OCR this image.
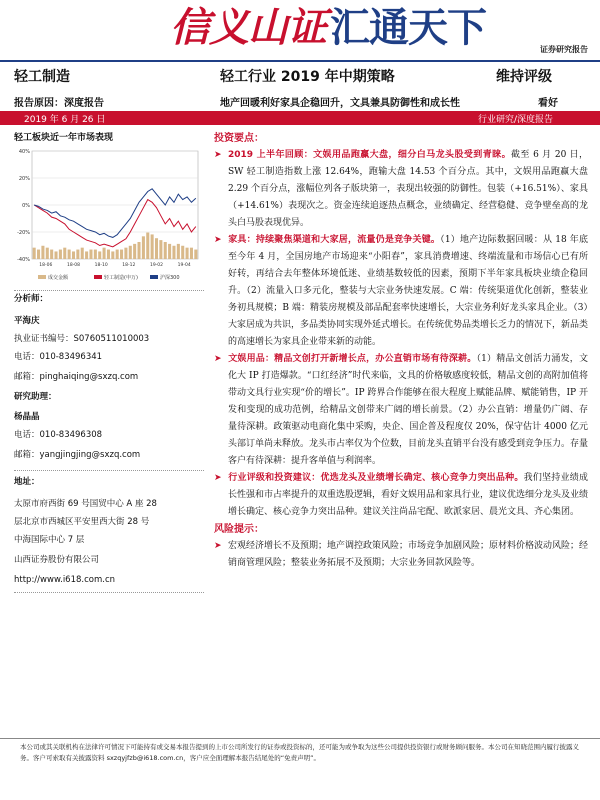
信义山证 汇通天下	证券研究报告
轻工制造	轻工行业 2019 年中期策略	维持评级
报告原因：深度报告	地产回暖利好家具企稳回升，文具兼具防御性和成长性	看好
2019 年 6 月 26 日	行业研究/深度报告
轻工板块近一年市场表现
-40%
-20%
0%
20%
40%
18-06	18-08	18-10	18-12	19-02	19-04
成交金额	轻工制造(申万)	沪深300
分析师：
平海庆
执业证书编号：S0760511010003
电话：010-83496341
邮箱：pinghaiqing@sxzq.com
研究助理：
杨晶晶
电话：010-83496308
邮箱：yangjingjing@sxzq.com
地址：
太原市府西街 69 号国贸中心 A 座 28
层北京市西城区平安里西大街 28 号
中海国际中心 7 层
山西证券股份有限公司
http://www.i618.com.cn
投资要点：

➤ 2019 上半年回顾：文娱用品跑赢大盘，细分白马龙头股受到青睐。截至 6 月 20 日，SW 轻工制造指数上涨 12.64%，跑输大盘 14.53 个百分点。其中，文娱用品跑赢大盘 2.29 个百分点，涨幅位列各子版块第一，表现出较强的防御性。包装（+16.51%）、家具（+14.61%）表现次之。资金连续追逐热点概念，业绩确定、经营稳健、竞争壁垒高的龙头白马股表现优异。

➤ 家具：持续聚焦渠道和大家居，流量仍是竞争关键。（1）地产边际数据回暖：从 18 年底至今年 4 月，全国房地产市场迎来“小阳春”，家具消费增速、终端流量和市场信心已有所好转，再结合去年整体环境低迷、业绩基数较低的因素，预期下半年家具板块业绩企稳回升。（2）流量入口多元化，整装与大宗业务快速发展。C 端：传统渠道优化创新，整装业务初具规模；B 端：精装房规模及部品配套率快速增长，大宗业务利好龙头家具企业。（3）大家居成为共识，多品类协同实现外延式增长。在传统优势品类增长乏力的情况下，新品类的高速增长为家具企业带来新的动能。

➤ 文娱用品：精品文创打开新增长点，办公直销市场有待深耕。（1）精品文创活力涌发，文化大 IP 打造爆款。“口红经济”时代来临，文具的价格敏感度较低，精品文创的高附加值将带动文具行业实现“价的增长”。IP 跨界合作能够在很大程度上赋能品牌、赋能销售，IP 开发和变现的成功范例，给精品文创带来广阔的增长前景。（2）办公直销：增量仍广阔、存量待深耕。政策驱动电商化集中采购，央企、国企普及程度仅 20%，保守估计 4000 亿元头部订单尚未释放。龙头市占率仅为个位数，目前龙头直销平台没有感受到竞争压力。存量客户有待深耕：提升客单值与利润率。

➤ 行业评级和投资建议：优选龙头及业绩增长确定、核心竞争力突出品种。我们坚持业绩成长性强和市占率提升的双重选股逻辑，看好文娱用品和家具行业，建议优选细分龙头及业绩增长确定、核心竞争力突出品种。建议关注尚品宅配、欧派家居、晨光文具、齐心集团。

风险提示：

➤ 宏观经济增长不及预期；地产调控政策风险；市场竞争加剧风险；原材料价格波动风险；经销商管理风险；整装业务拓展不及预期；大宗业务回款风险等。

本公司或其关联机构在法律许可情况下可能持有或交易本报告提到的上市公司所发行的证券或投资标的，还可能为或争取为这些公司提供投资银行或财务顾问服务。本公司在知晓范围内履行披露义务。客户可索取有关披露资料 sxzqyjfzb@i618.com.cn，客户应全面理解本报告结尾处的“免责声明”。
